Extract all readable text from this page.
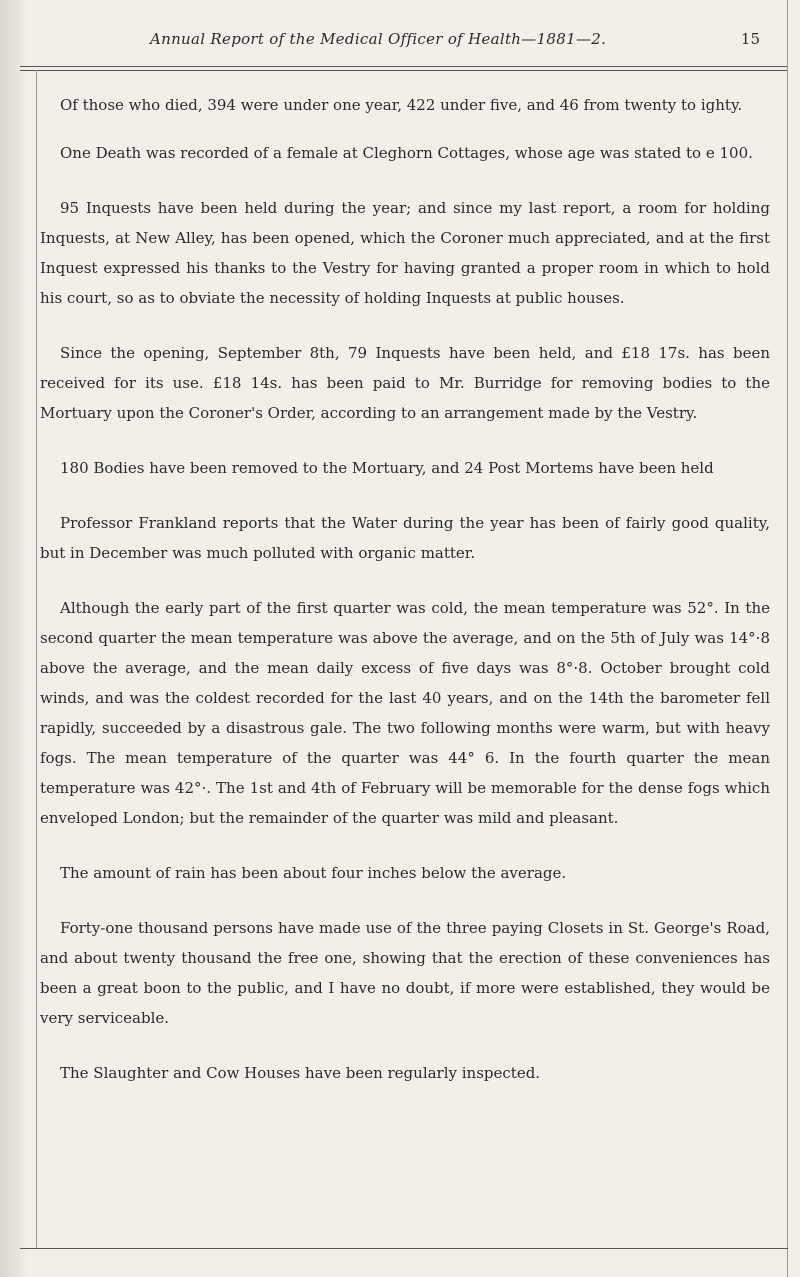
Annual Report of the Medical Officer of Health—1881—2.	15

Of those who died, 394 were under one year, 422 under five, and 46 from twenty to ighty.

One Death was recorded of a female at Cleghorn Cottages, whose age was stated to e 100.

95 Inquests have been held during the year; and since my last report, a room for holding Inquests, at New Alley, has been opened, which the Coroner much appreciated, and at the first Inquest expressed his thanks to the Vestry for having granted a proper room in which to hold his court, so as to obviate the necessity of holding Inquests at public houses.

Since the opening, September 8th, 79 Inquests have been held, and £18 17s. has been received for its use. £18 14s. has been paid to Mr. Burridge for removing bodies to the Mortuary upon the Coroner's Order, according to an arrangement made by the Vestry.

180 Bodies have been removed to the Mortuary, and 24 Post Mortems have been held

Professor Frankland reports that the Water during the year has been of fairly good quality, but in December was much polluted with organic matter.

Although the early part of the first quarter was cold, the mean temperature was 52°. In the second quarter the mean temperature was above the average, and on the 5th of July was 14°·8 above the average, and the mean daily excess of five days was 8°·8. October brought cold winds, and was the coldest recorded for the last 40 years, and on the 14th the barometer fell rapidly, succeeded by a disastrous gale. The two following months were warm, but with heavy fogs. The mean temperature of the quarter was 44° 6. In the fourth quarter the mean temperature was 42°·. The 1st and 4th of February will be memorable for the dense fogs which enveloped London; but the remainder of the quarter was mild and pleasant.

The amount of rain has been about four inches below the average.

Forty-one thousand persons have made use of the three paying Closets in St. George's Road, and about twenty thousand the free one, showing that the erection of these conveniences has been a great boon to the public, and I have no doubt, if more were established, they would be very serviceable.

The Slaughter and Cow Houses have been regularly inspected.
